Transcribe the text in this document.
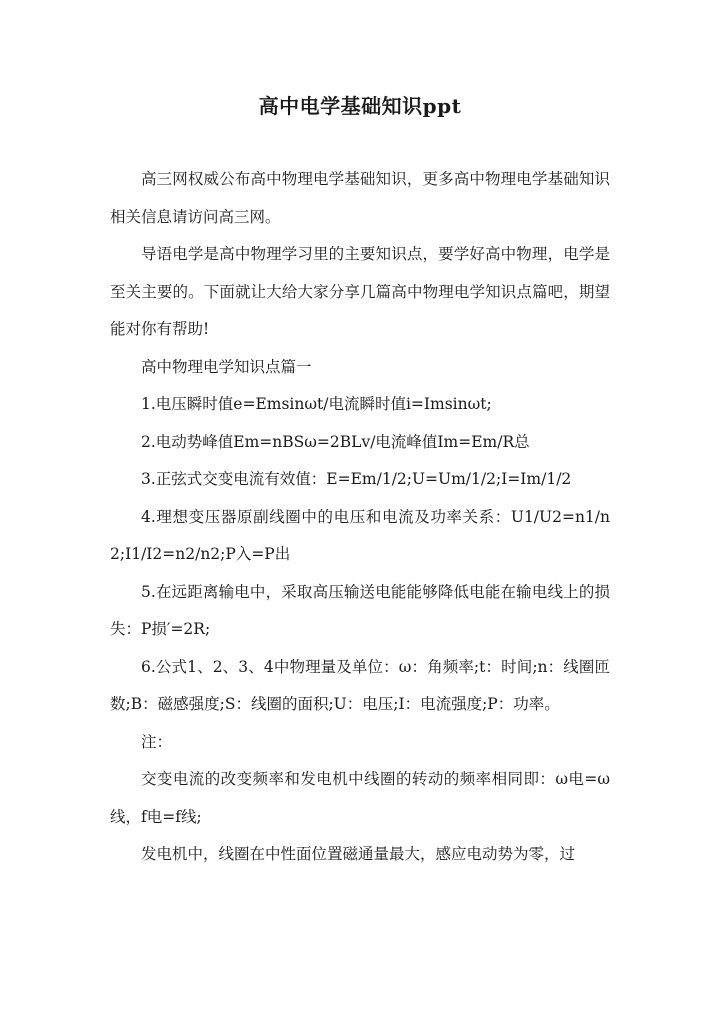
高中电学基础知识ppt

高三网权威公布高中物理电学基础知识，更多高中物理电学基础知识相关信息请访问高三网。

导语电学是高中物理学习里的主要知识点，要学好高中物理，电学是至关主要的。下面就让大给大家分享几篇高中物理电学知识点篇吧，期望能对你有帮助!

高中物理电学知识点篇一

1.电压瞬时值e=Emsinωt/电流瞬时值i=Imsinωt;

2.电动势峰值Em=nBSω=2BLv/电流峰值Im=Em/R总

3.正弦式交变电流有效值：E=Em/1/2;U=Um/1/2;I=Im/1/2

4.理想变压器原副线圈中的电压和电流及功率关系：U1/U2=n1/n2;I1/I2=n2/n2;P入=P出

5.在远距离输电中，采取高压输送电能能够降低电能在输电线上的损失：P损′=2R;

6.公式1、2、3、4中物理量及单位：ω：角频率;t：时间;n：线圈匝数;B：磁感强度;S：线圈的面积;U：电压;I：电流强度;P：功率。

注：

交变电流的改变频率和发电机中线圈的转动的频率相同即：ω电=ω线，f电=f线;

发电机中，线圈在中性面位置磁通量最大，感应电动势为零，过
